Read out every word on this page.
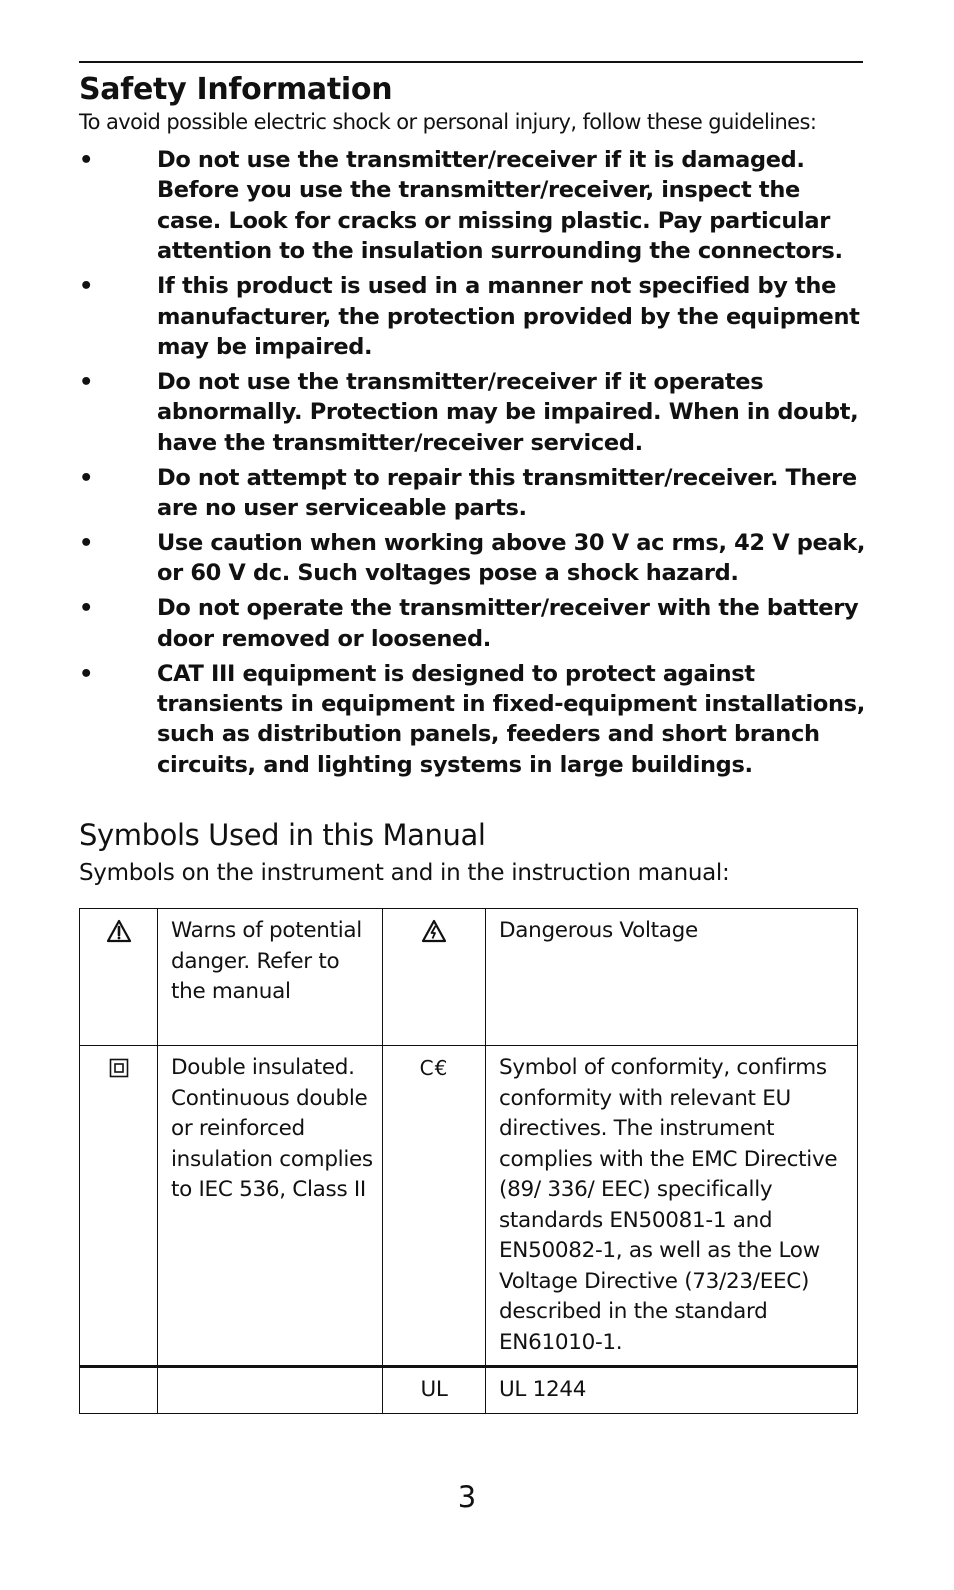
Safety Information

To avoid possible electric shock or personal injury, follow these guidelines:

•	Do not use the transmitter/receiver if it is damaged. Before you use the transmitter/receiver, inspect the case. Look for cracks or missing plastic. Pay particular attention to the insulation surrounding the connectors.
•	If this product is used in a manner not specified by the manufacturer, the protection provided by the equipment may be impaired.
•	Do not use the transmitter/receiver if it operates abnormally. Protection may be impaired. When in doubt, have the transmitter/receiver serviced.
•	Do not attempt to repair this transmitter/receiver. There are no user serviceable parts.
•	Use caution when working above 30 V ac rms, 42 V peak, or 60 V dc. Such voltages pose a shock hazard.
•	Do not operate the transmitter/receiver with the battery door removed or loosened.
•	CAT III equipment is designed to protect against transients in equipment in fixed-equipment installations, such as distribution panels, feeders and short branch circuits, and lighting systems in large buildings.
Symbols Used in this Manual

Symbols on the instrument and in the instruction manual:

	Warns of potential danger. Refer to the manual		Dangerous Voltage
	Double insulated. Continuous double or reinforced insulation complies to IEC 536, Class II	C€	Symbol of conformity, confirms conformity with relevant EU directives. The instrument complies with the EMC Directive (89/ 336/ EEC) specifically standards EN50081-1 and EN50082-1, as well as the Low Voltage Directive (73/23/EEC) described in the standard EN61010-1.
		UL	UL 1244
3
